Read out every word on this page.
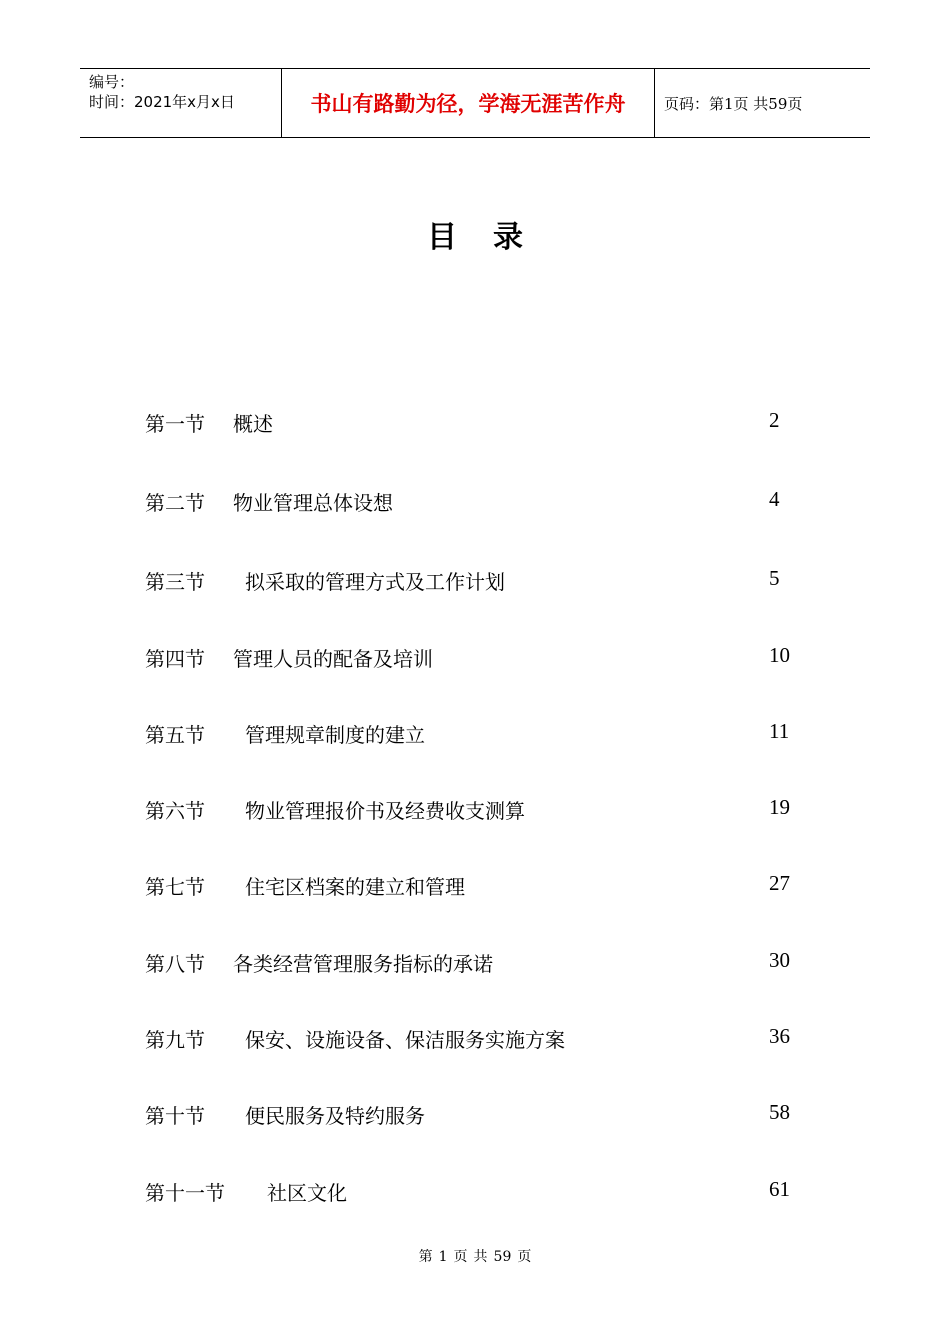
编号：
时间：2021年x月x日	书山有路勤为径，学海无涯苦作舟	页码：第1页 共59页
目录
第一节 概述	2
第二节 物业管理总体设想	4
第三节 拟采取的管理方式及工作计划	5
第四节 管理人员的配备及培训	10
第五节 管理规章制度的建立	11
第六节 物业管理报价书及经费收支测算	19
第七节 住宅区档案的建立和管理	27
第八节 各类经营管理服务指标的承诺	30
第九节 保安、设施设备、保洁服务实施方案	36
第十节 便民服务及特约服务	58
第十一节 社区文化	61
第 1 页 共 59 页
